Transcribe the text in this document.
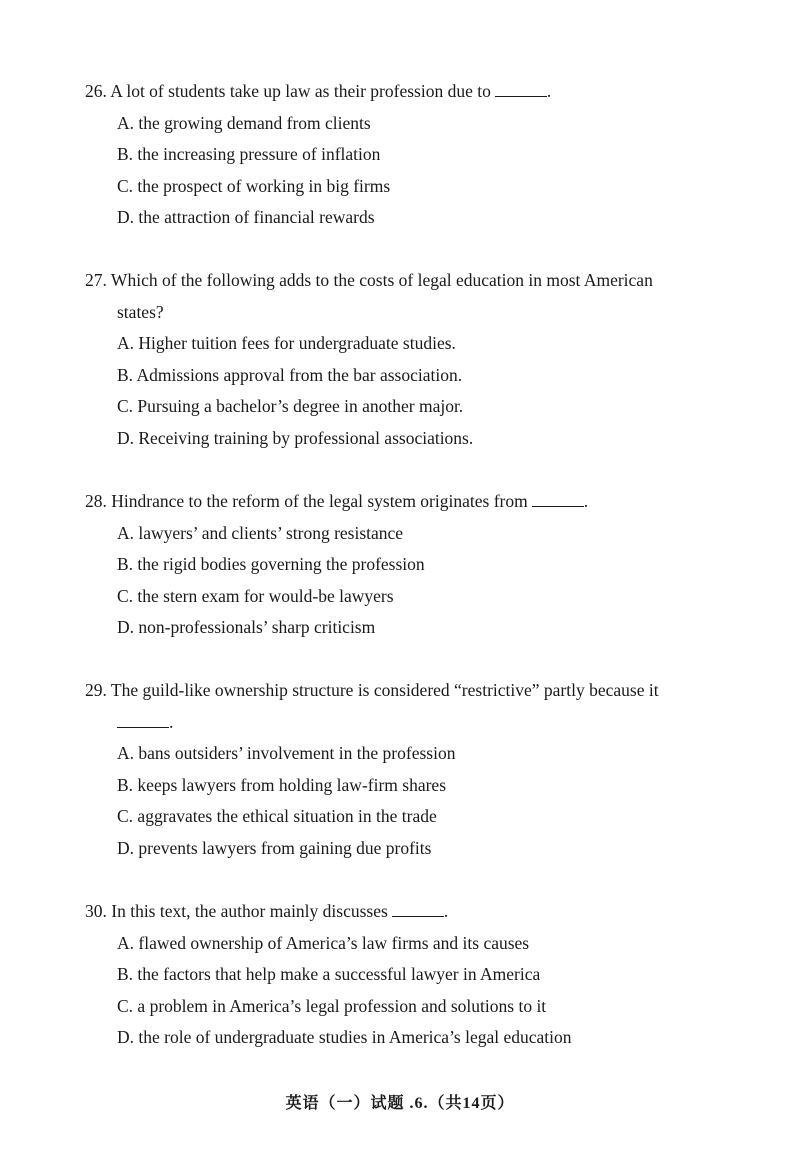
26. A lot of students take up law as their profession due to	.
A. the growing demand from clients
B. the increasing pressure of inflation
C. the prospect of working in big firms
D. the attraction of financial rewards
27. Which of the following adds to the costs of legal education in most American
states?
A. Higher tuition fees for undergraduate studies.
B. Admissions approval from the bar association.
C. Pursuing a bachelor’s degree in another major.
D. Receiving training by professional associations.
28. Hindrance to the reform of the legal system originates from	.
A. lawyers’ and clients’ strong resistance
B. the rigid bodies governing the profession
C. the stern exam for would-be lawyers
D. non-professionals’ sharp criticism
29. The guild-like ownership structure is considered “restrictive” partly because it
.
A. bans outsiders’ involvement in the profession
B. keeps lawyers from holding law-firm shares
C. aggravates the ethical situation in the trade
D. prevents lawyers from gaining due profits
30. In this text, the author mainly discusses	.
A. flawed ownership of America’s law firms and its causes
B. the factors that help make a successful lawyer in America
C. a problem in America’s legal profession and solutions to it
D. the role of undergraduate studies in America’s legal education
英语（一）试题 .6.（共14页）
